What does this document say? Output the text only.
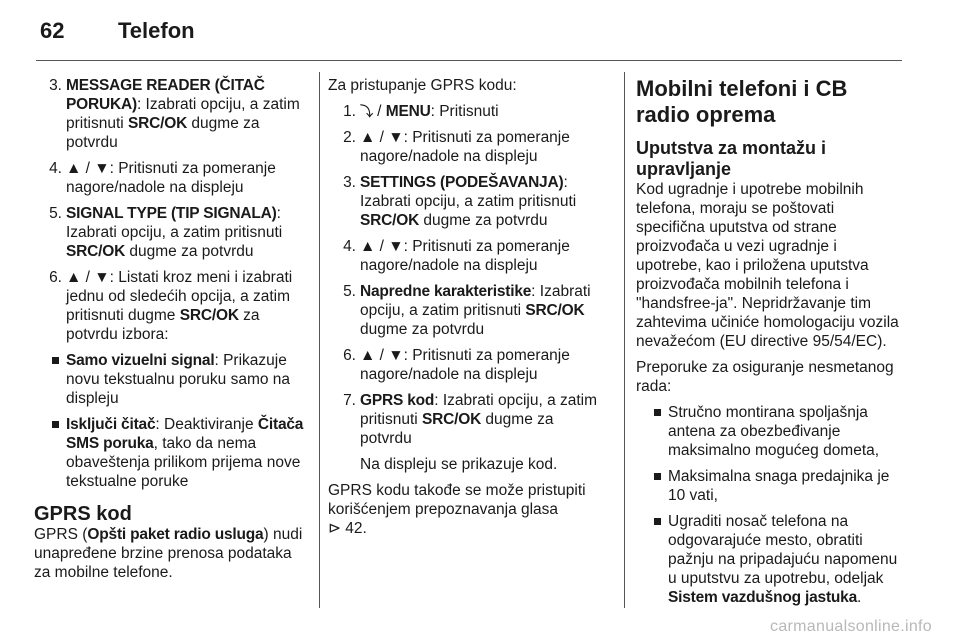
62 Telefon
3. MESSAGE READER (ČITAČ PORUKA): Izabrati opciju, a zatim pritisnuti SRC/OK dugme za potvrdu
4. ▲ / ▼: Pritisnuti za pomeranje nagore/nadole na displeju
5. SIGNAL TYPE (TIP SIGNALA): Izabrati opciju, a zatim pritisnuti SRC/OK dugme za potvrdu
6. ▲ / ▼: Listati kroz meni i izabrati jednu od sledećih opcija, a zatim pritisnuti dugme SRC/OK za potvrdu izbora:
Samo vizuelni signal: Prikazuje novu tekstualnu poruku samo na displeju
Isključi čitač: Deaktiviranje Čitača SMS poruka, tako da nema obaveštenja prilikom prijema nove tekstualne poruke
GPRS kod

GPRS (Opšti paket radio usluga) nudi unapređene brzine prenosa podataka za mobilne telefone.

Za pristupanje GPRS kodu:

1. ⤵ / MENU: Pritisnuti
2. ▲ / ▼: Pritisnuti za pomeranje nagore/nadole na displeju
3. SETTINGS (PODEŠAVANJA): Izabrati opciju, a zatim pritisnuti SRC/OK dugme za potvrdu
4. ▲ / ▼: Pritisnuti za pomeranje nagore/nadole na displeju
5. Napredne karakteristike: Izabrati opciju, a zatim pritisnuti SRC/OK dugme za potvrdu
6. ▲ / ▼: Pritisnuti za pomeranje nagore/nadole na displeju
7. GPRS kod: Izabrati opciju, a zatim pritisnuti SRC/OK dugme za potvrdu
Na displeju se prikazuje kod.

GPRS kodu takođe se može pristupiti korišćenjem prepoznavanja glasa
⊳ 42.

Mobilni telefoni i CB radio oprema
Uputstva za montažu i upravljanje

Kod ugradnje i upotrebe mobilnih telefona, moraju se poštovati specifična uputstva od strane proizvođača u vezi ugradnje i upotrebe, kao i priložena uputstva proizvođača mobilnih telefona i "handsfree-ja". Nepridržavanje tim zahtevima učiniće homologaciju vozila nevažećom (EU directive 95/54/EC).

Preporuke za osiguranje nesmetanog rada:

Stručno montirana spoljašnja antena za obezbeđivanje maksimalno mogućeg dometa,
Maksimalna snaga predajnika je 10 vati,
Ugraditi nosač telefona na odgovarajuće mesto, obratiti pažnju na pripadajuću napomenu u uputstvu za upotrebu, odeljak Sistem vazdušnog jastuka.
carmanualsonline.info
